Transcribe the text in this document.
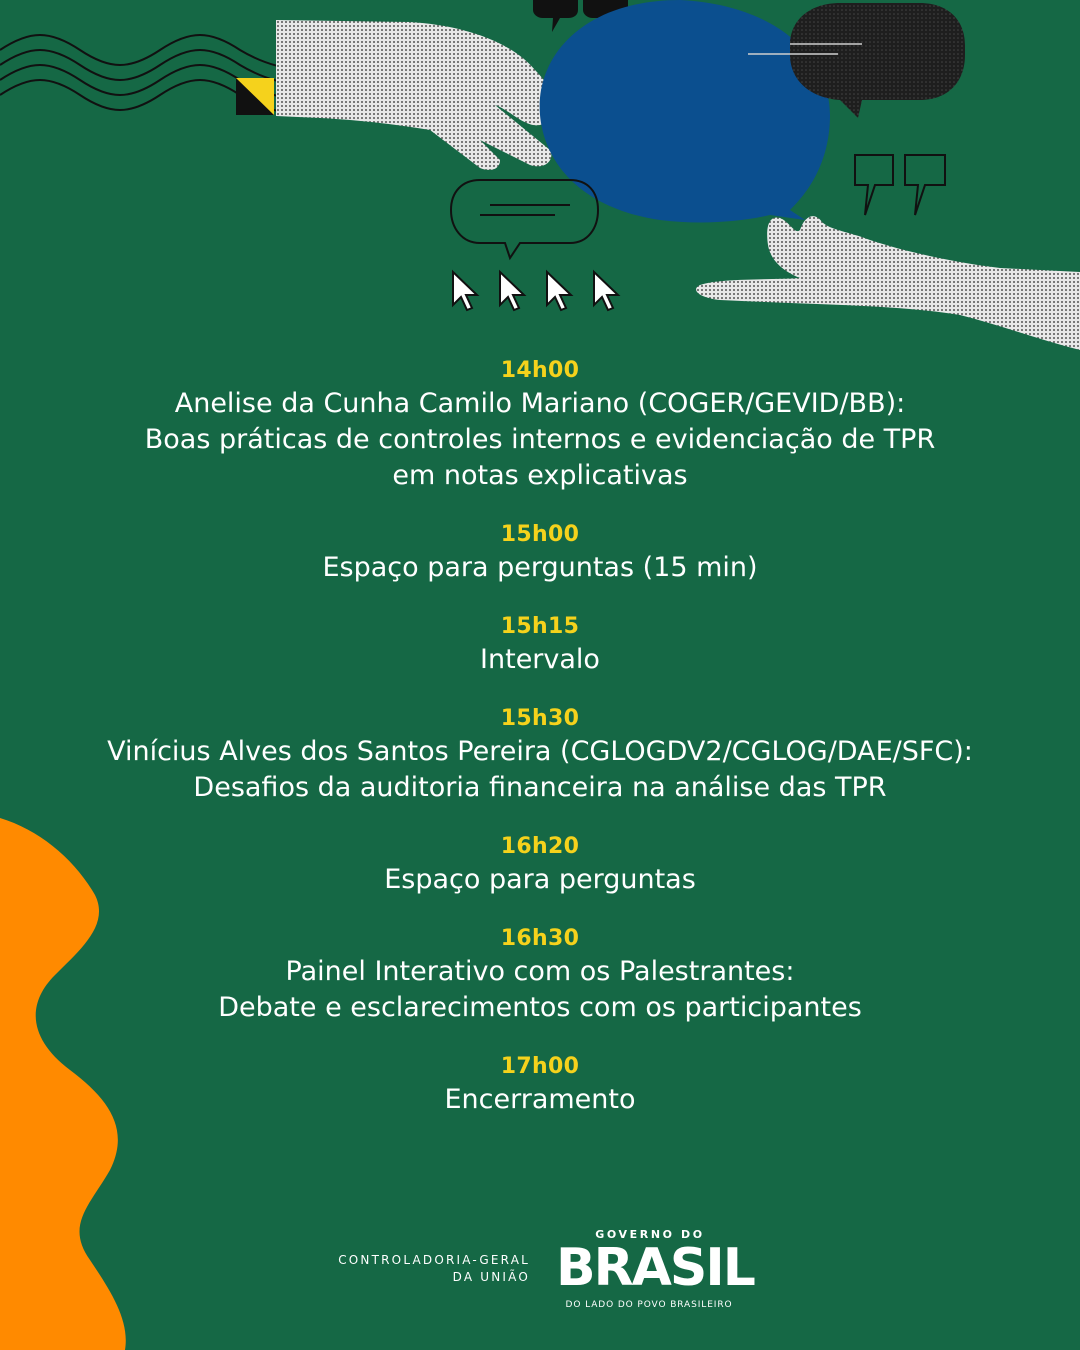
14h00
Anelise da Cunha Camilo Mariano (COGER/GEVID/BB):
Boas práticas de controles internos e evidenciação de TPR
em notas explicativas
15h00
Espaço para perguntas (15 min)
15h15
Intervalo
15h30
Vinícius Alves dos Santos Pereira (CGLOGDV2/CGLOG/DAE/SFC):
Desafios da auditoria financeira na análise das TPR
16h20
Espaço para perguntas
16h30
Painel Interativo com os Palestrantes:
Debate e esclarecimentos com os participantes
17h00
Encerramento
CONTROLADORIA-GERAL
DA UNIÃO
GOVERNO DO
BRASIL
DO LADO DO POVO BRASILEIRO
